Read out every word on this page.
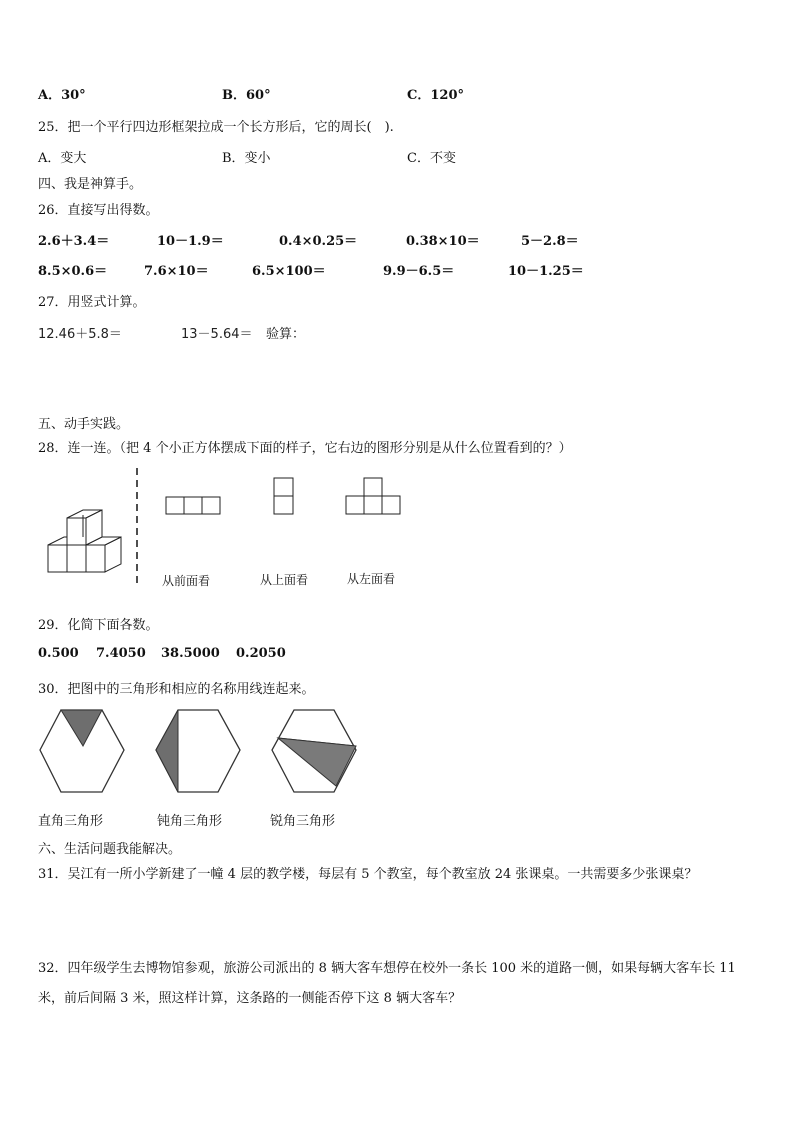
A．30°	B．60°	C．120°
25．把一个平行四边形框架拉成一个长方形后，它的周长(　).
A．变大	B．变小	C．不变
四、我是神算手。
26．直接写出得数。
2.6＋3.4＝	10－1.9＝	0.4×0.25＝	0.38×10＝	5－2.8＝
8.5×0.6＝	7.6×10＝	6.5×100＝	9.9－6.5＝	10－1.25＝
27．用竖式计算。
12.46＋5.8＝	13－5.64＝ 验算：
五、动手实践。
28．连一连。（把 4 个小正方体摆成下面的样子，它右边的图形分别是从什么位置看到的？）
从前面看	从上面看	从左面看
29．化简下面各数。
0.500 7.4050 38.5000 0.2050
30．把图中的三角形和相应的名称用线连起来。
直角三角形	钝角三角形	锐角三角形
六、生活问题我能解决。
31．吴江有一所小学新建了一幢 4 层的教学楼，每层有 5 个教室，每个教室放 24 张课桌。一共需要多少张课桌？
32．四年级学生去博物馆参观，旅游公司派出的 8 辆大客车想停在校外一条长 100 米的道路一侧，如果每辆大客车长 11
米，前后间隔 3 米，照这样计算，这条路的一侧能否停下这 8 辆大客车？
